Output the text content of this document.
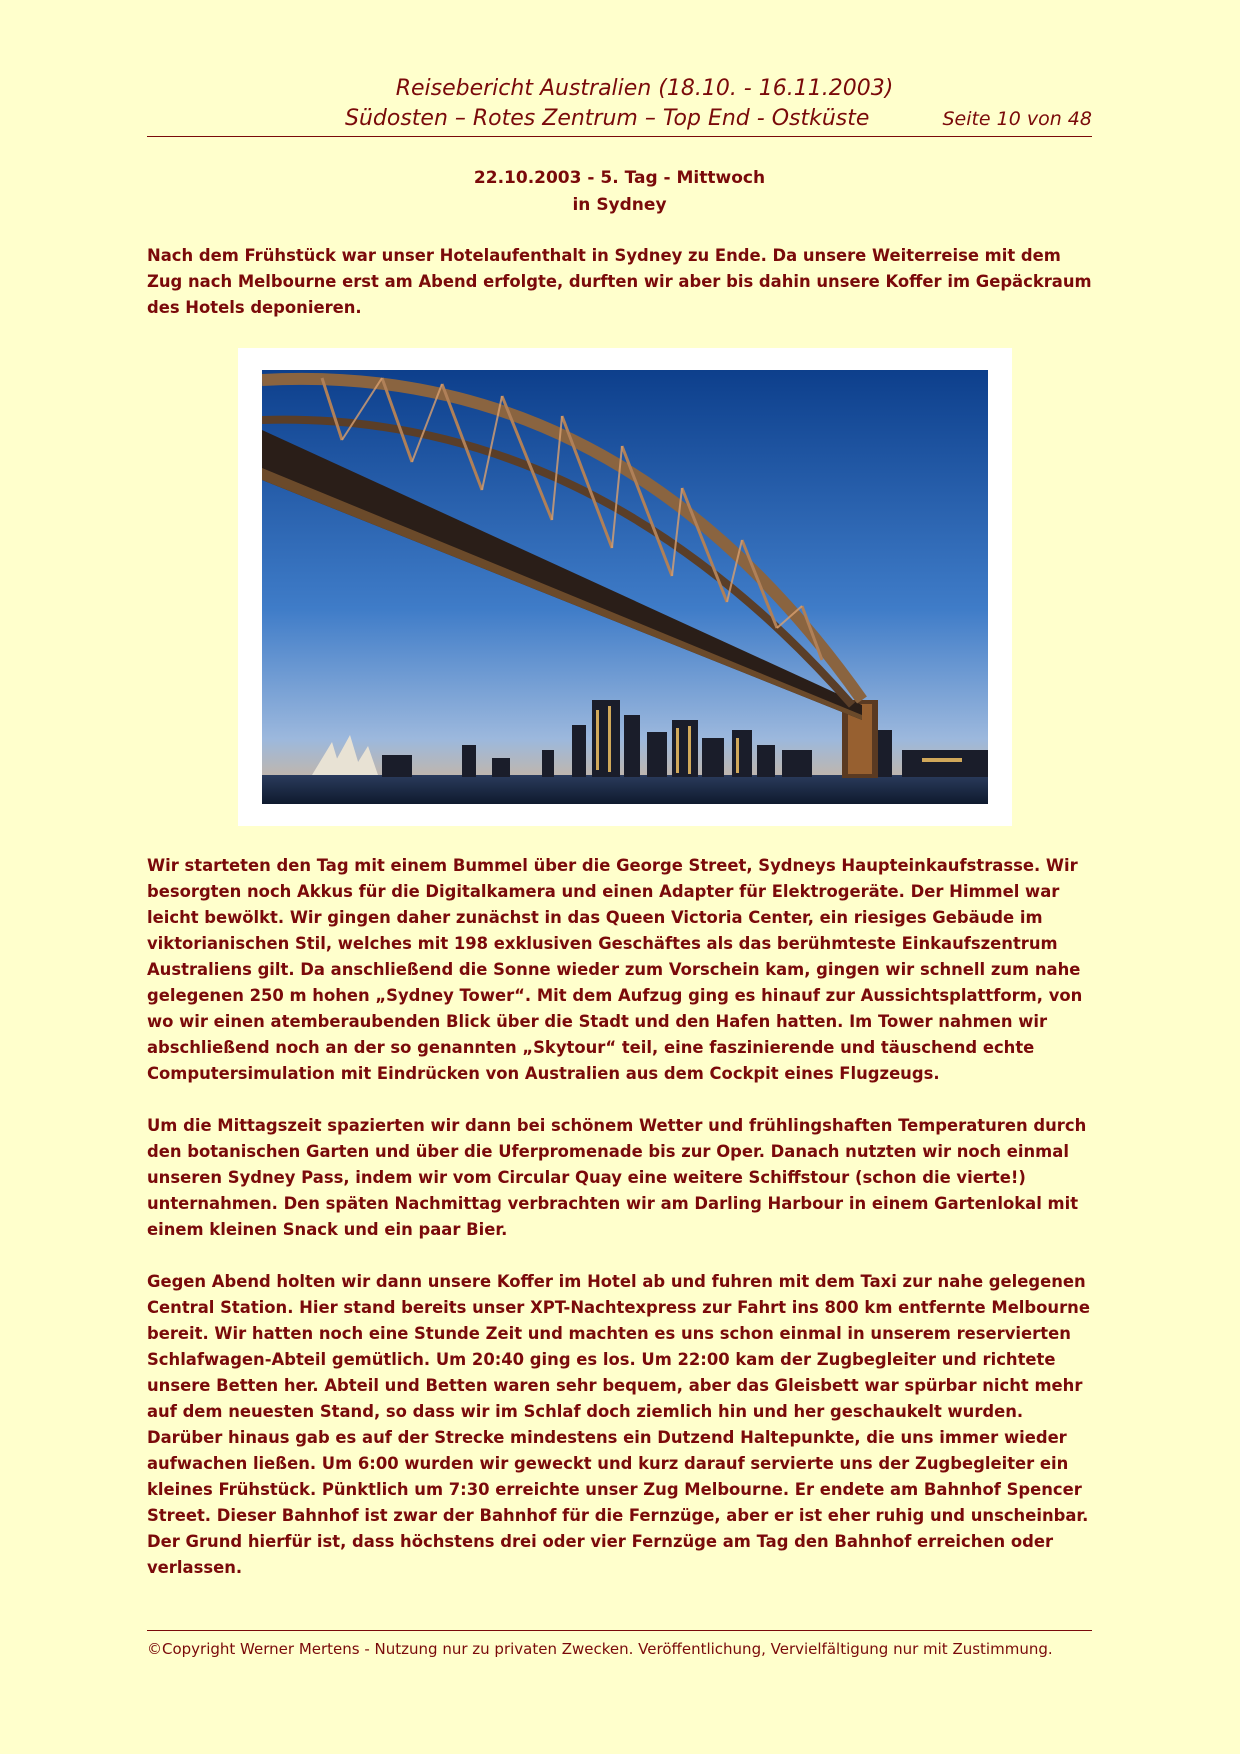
Reisebericht Australien (18.10. - 16.11.2003)
Südosten – Rotes Zentrum – Top End - Ostküste	Seite 10 von 48
22.10.2003 - 5. Tag - Mittwoch
in Sydney

Nach dem Frühstück war unser Hotelaufenthalt in Sydney zu Ende. Da unsere Weiterreise mit dem Zug nach Melbourne erst am Abend erfolgte, durften wir aber bis dahin unsere Koffer im Gepäckraum des Hotels deponieren.

Wir starteten den Tag mit einem Bummel über die George Street, Sydneys Haupteinkaufstrasse. Wir besorgten noch Akkus für die Digitalkamera und einen Adapter für Elektrogeräte. Der Himmel war leicht bewölkt. Wir gingen daher zunächst in das Queen Victoria Center, ein riesiges Gebäude im viktorianischen Stil, welches mit 198 exklusiven Geschäftes als das berühmteste Einkaufszentrum Australiens gilt. Da anschließend die Sonne wieder zum Vorschein kam, gingen wir schnell zum nahe gelegenen 250 m hohen „Sydney Tower“. Mit dem Aufzug ging es hinauf zur Aussichtsplattform, von wo wir einen atemberaubenden Blick über die Stadt und den Hafen hatten. Im Tower nahmen wir abschließend noch an der so genannten „Skytour“ teil, eine faszinierende und täuschend echte Computersimulation mit Eindrücken von Australien aus dem Cockpit eines Flugzeugs.

Um die Mittagszeit spazierten wir dann bei schönem Wetter und frühlingshaften Temperaturen durch den botanischen Garten und über die Uferpromenade bis zur Oper. Danach nutzten wir noch einmal unseren Sydney Pass, indem wir vom Circular Quay eine weitere Schiffstour (schon die vierte!) unternahmen. Den späten Nachmittag verbrachten wir am Darling Harbour in einem Gartenlokal mit einem kleinen Snack und ein paar Bier.

Gegen Abend holten wir dann unsere Koffer im Hotel ab und fuhren mit dem Taxi zur nahe gelegenen Central Station. Hier stand bereits unser XPT-Nachtexpress zur Fahrt ins 800 km entfernte Melbourne bereit. Wir hatten noch eine Stunde Zeit und machten es uns schon einmal in unserem reservierten Schlafwagen-Abteil gemütlich. Um 20:40 ging es los. Um 22:00 kam der Zugbegleiter und richtete unsere Betten her. Abteil und Betten waren sehr bequem, aber das Gleisbett war spürbar nicht mehr auf dem neuesten Stand, so dass wir im Schlaf doch ziemlich hin und her geschaukelt wurden. Darüber hinaus gab es auf der Strecke mindestens ein Dutzend Haltepunkte, die uns immer wieder aufwachen ließen. Um 6:00 wurden wir geweckt und kurz darauf servierte uns der Zugbegleiter ein kleines Frühstück. Pünktlich um 7:30 erreichte unser Zug Melbourne. Er endete am Bahnhof Spencer Street. Dieser Bahnhof ist zwar der Bahnhof für die Fernzüge, aber er ist eher ruhig und unscheinbar. Der Grund hierfür ist, dass höchstens drei oder vier Fernzüge am Tag den Bahnhof erreichen oder verlassen.

©Copyright Werner Mertens - Nutzung nur zu privaten Zwecken. Veröffentlichung, Vervielfältigung nur mit Zustimmung.
